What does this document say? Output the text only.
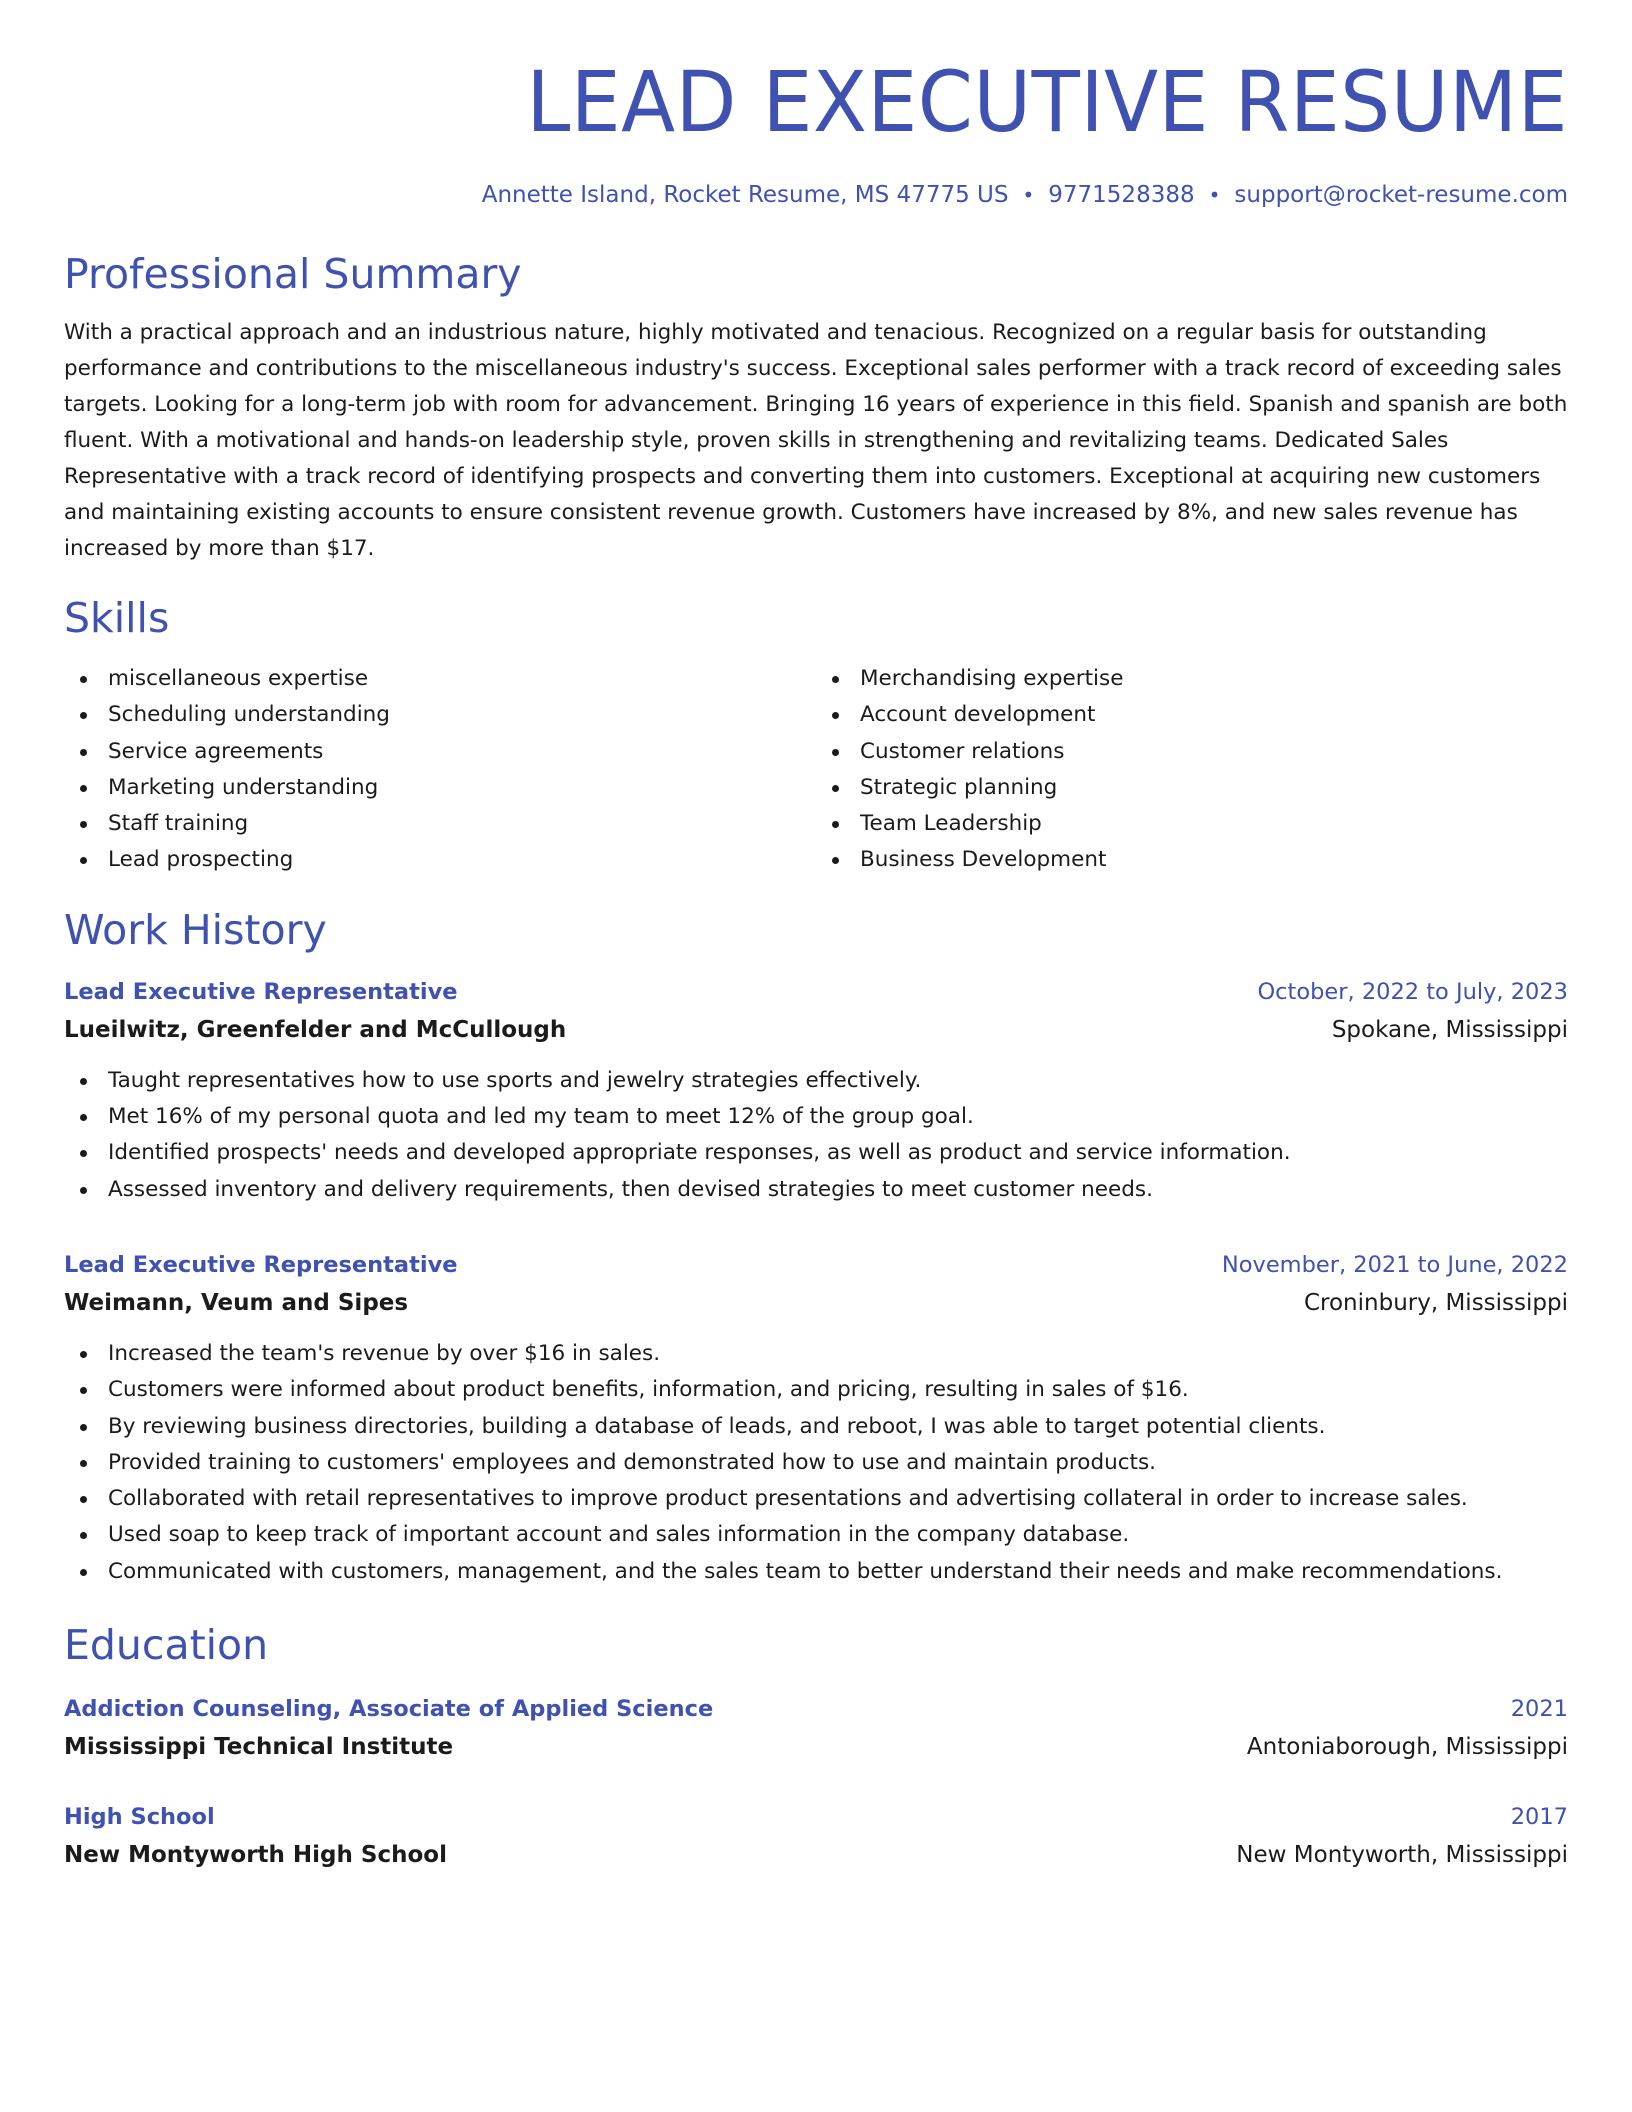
LEAD EXECUTIVE RESUME
Annette Island, Rocket Resume, MS 47775 US • 9771528388 • support@rocket-resume.com
Professional Summary
With a practical approach and an industrious nature, highly motivated and tenacious. Recognized on a regular basis for outstanding performance and contributions to the miscellaneous industry's success. Exceptional sales performer with a track record of exceeding sales targets. Looking for a long-term job with room for advancement. Bringing 16 years of experience in this field. Spanish and spanish are both fluent. With a motivational and hands-on leadership style, proven skills in strengthening and revitalizing teams. Dedicated Sales Representative with a track record of identifying prospects and converting them into customers. Exceptional at acquiring new customers and maintaining existing accounts to ensure consistent revenue growth. Customers have increased by 8%, and new sales revenue has increased by more than $17.
Skills
miscellaneous expertise
Scheduling understanding
Service agreements
Marketing understanding
Staff training
Lead prospecting
Merchandising expertise
Account development
Customer relations
Strategic planning
Team Leadership
Business Development
Work History
Lead Executive Representative	October, 2022 to July, 2023
Lueilwitz, Greenfelder and McCullough	Spokane, Mississippi
Taught representatives how to use sports and jewelry strategies effectively.
Met 16% of my personal quota and led my team to meet 12% of the group goal.
Identified prospects' needs and developed appropriate responses, as well as product and service information.
Assessed inventory and delivery requirements, then devised strategies to meet customer needs.
Lead Executive Representative	November, 2021 to June, 2022
Weimann, Veum and Sipes	Croninbury, Mississippi
Increased the team's revenue by over $16 in sales.
Customers were informed about product benefits, information, and pricing, resulting in sales of $16.
By reviewing business directories, building a database of leads, and reboot, I was able to target potential clients.
Provided training to customers' employees and demonstrated how to use and maintain products.
Collaborated with retail representatives to improve product presentations and advertising collateral in order to increase sales.
Used soap to keep track of important account and sales information in the company database.
Communicated with customers, management, and the sales team to better understand their needs and make recommendations.
Education
Addiction Counseling, Associate of Applied Science	2021
Mississippi Technical Institute	Antoniaborough, Mississippi
High School	2017
New Montyworth High School	New Montyworth, Mississippi
